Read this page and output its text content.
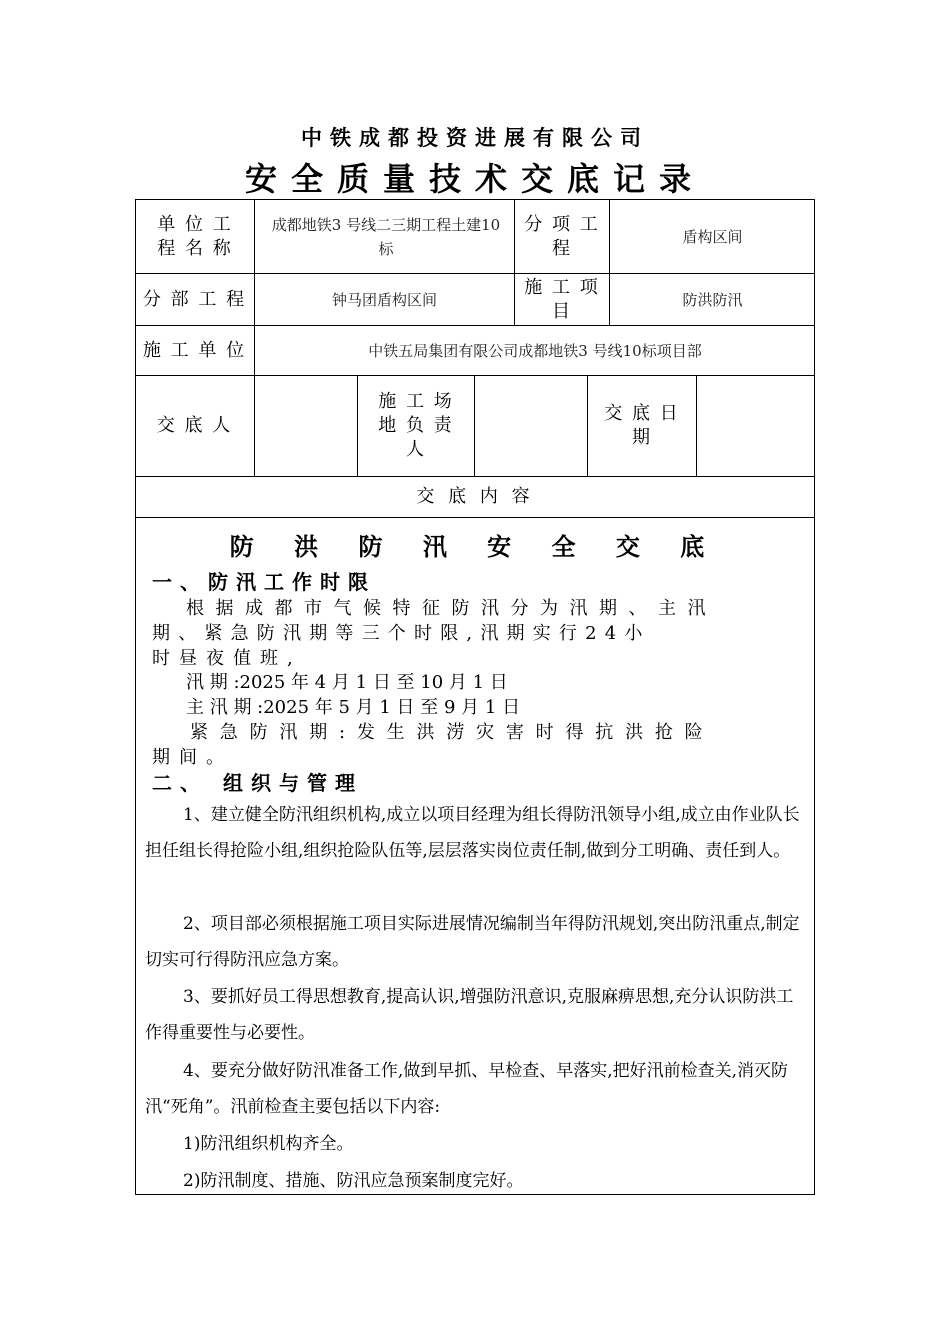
中铁成都投资进展有限公司
安全质量技术交底记录
单 位 工 程 名 称
成都地铁3 号线二三期工程土建10标
分 项 工 程
盾构区间
分 部 工 程	钟马团盾构区间
施 工 项 目
防洪防汛
施 工 单 位	中铁五局集团有限公司成都地铁3 号线10标项目部
交 底 人
施 工 场 地 负 责 人
交 底 日 期
交 底 内 容
防 洪 防 汛 安 全 交 底
一、防汛工作时限
根据成都市气候特征防汛分为汛期、主汛
期、紧急防汛期等三个时限,汛期实行24小
时昼夜值班,
汛 期 :2025 年 4 月 1 日 至 10 月 1 日
主 汛 期 :2025 年 5 月 1 日 至 9 月 1 日
紧急防汛期:发生洪涝灾害时得抗洪抢险
期间。
二、 组织与管理
1、建立健全防汛组织机构,成立以项目经理为组长得防汛领导小组,成立由作业队长担任组长得抢险小组,组织抢险队伍等,层层落实岗位责任制,做到分工明确、责任到人。
2、项目部必须根据施工项目实际进展情况编制当年得防汛规划,突出防汛重点,制定切实可行得防汛应急方案。
3、要抓好员工得思想教育,提高认识,增强防汛意识,克服麻痹思想,充分认识防洪工作得重要性与必要性。
4、要充分做好防汛准备工作,做到早抓、早检查、早落实,把好汛前检查关,消灭防汛“死角”。汛前检查主要包括以下内容:
1)防汛组织机构齐全。
2)防汛制度、措施、防汛应急预案制度完好。
